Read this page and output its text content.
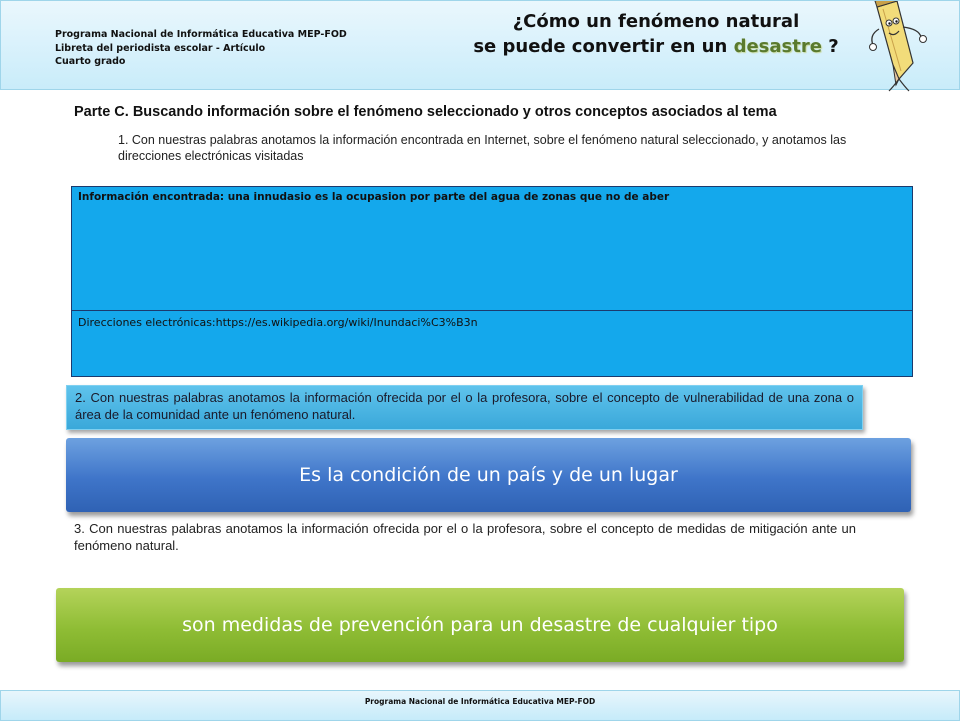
Programa Nacional de Informática Educativa MEP-FOD
Libreta del periodista escolar - Artículo
Cuarto grado
¿Cómo un fenómeno natural
se puede convertir en un desastre ?
Parte C. Buscando información sobre el fenómeno seleccionado y otros conceptos asociados al tema
1. Con nuestras palabras anotamos la información encontrada en Internet, sobre el fenómeno natural seleccionado, y anotamos las direcciones electrónicas visitadas
Información encontrada: una innudasio es la ocupasion por parte del agua de zonas que no de aber
Direcciones electrónicas:https://es.wikipedia.org/wiki/Inundaci%C3%B3n
2. Con nuestras palabras anotamos la información ofrecida por el o la profesora, sobre el concepto de vulnerabilidad de una zona o área de la comunidad ante un fenómeno natural.
Es la condición de un país y de un lugar
3. Con nuestras palabras anotamos la información ofrecida por el o la profesora, sobre el concepto de medidas de mitigación ante un fenómeno natural.
son medidas de prevención para un desastre de cualquier tipo
Programa Nacional de Informática Educativa MEP-FOD
